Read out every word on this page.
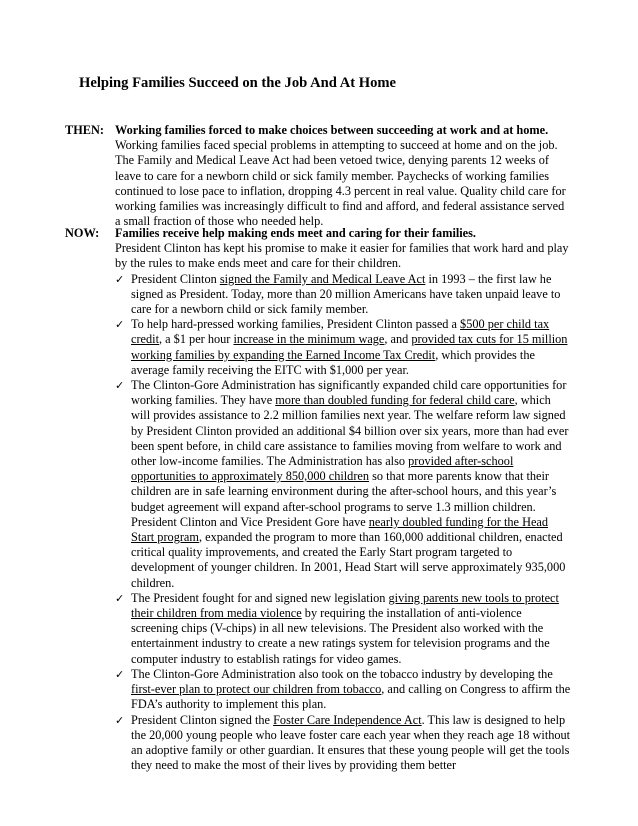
Helping Families Succeed on the Job And At Home
THEN: Working families forced to make choices between succeeding at work and at home.

Working families faced special problems in attempting to succeed at home and on the job. The Family and Medical Leave Act had been vetoed twice, denying parents 12 weeks of leave to care for a newborn child or sick family member. Paychecks of working families continued to lose pace to inflation, dropping 4.3 percent in real value. Quality child care for working families was increasingly difficult to find and afford, and federal assistance served a small fraction of those who needed help.

NOW: Families receive help making ends meet and caring for their families.

President Clinton has kept his promise to make it easier for families that work hard and play by the rules to make ends meet and care for their children.

✓ President Clinton signed the Family and Medical Leave Act in 1993 – the first law he signed as President. Today, more than 20 million Americans have taken unpaid leave to care for a newborn child or sick family member.
✓ To help hard-pressed working families, President Clinton passed a $500 per child tax credit, a $1 per hour increase in the minimum wage, and provided tax cuts for 15 million working families by expanding the Earned Income Tax Credit, which provides the average family receiving the EITC with $1,000 per year.
✓ The Clinton-Gore Administration has significantly expanded child care opportunities for working families. They have more than doubled funding for federal child care, which will provides assistance to 2.2 million families next year. The welfare reform law signed by President Clinton provided an additional $4 billion over six years, more than had ever been spent before, in child care assistance to families moving from welfare to work and other low-income families. The Administration has also provided after-school opportunities to approximately 850,000 children so that more parents know that their children are in safe learning environment during the after-school hours, and this year’s budget agreement will expand after-school programs to serve 1.3 million children. President Clinton and Vice President Gore have nearly doubled funding for the Head Start program, expanded the program to more than 160,000 additional children, enacted critical quality improvements, and created the Early Start program targeted to development of younger children. In 2001, Head Start will serve approximately 935,000 children.
✓ The President fought for and signed new legislation giving parents new tools to protect their children from media violence by requiring the installation of anti-violence screening chips (V-chips) in all new televisions. The President also worked with the entertainment industry to create a new ratings system for television programs and the computer industry to establish ratings for video games.
✓ The Clinton-Gore Administration also took on the tobacco industry by developing the first-ever plan to protect our children from tobacco, and calling on Congress to affirm the FDA’s authority to implement this plan.
✓ President Clinton signed the Foster Care Independence Act. This law is designed to help the 20,000 young people who leave foster care each year when they reach age 18 without an adoptive family or other guardian. It ensures that these young people will get the tools they need to make the most of their lives by providing them better
